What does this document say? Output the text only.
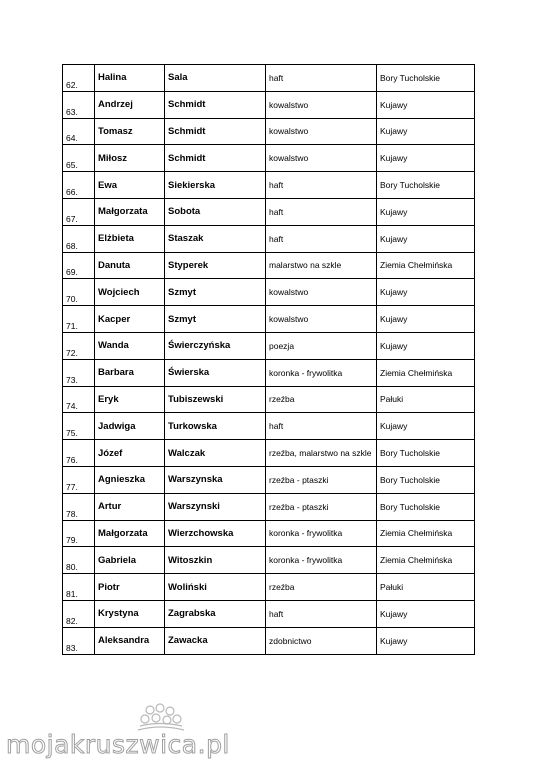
62.	Halina	Sala	haft	Bory Tucholskie
63.	Andrzej	Schmidt	kowalstwo	Kujawy
64.	Tomasz	Schmidt	kowalstwo	Kujawy
65.	Miłosz	Schmidt	kowalstwo	Kujawy
66.	Ewa	Siekierska	haft	Bory Tucholskie
67.	Małgorzata	Sobota	haft	Kujawy
68.	Elżbieta	Staszak	haft	Kujawy
69.	Danuta	Styperek	malarstwo na szkle	Ziemia Chełmińska
70.	Wojciech	Szmyt	kowalstwo	Kujawy
71.	Kacper	Szmyt	kowalstwo	Kujawy
72.	Wanda	Świerczyńska	poezja	Kujawy
73.	Barbara	Świerska	koronka - frywolitka	Ziemia Chełmińska
74.	Eryk	Tubiszewski	rzeźba	Pałuki
75.	Jadwiga	Turkowska	haft	Kujawy
76.	Józef	Walczak	rzeźba, malarstwo na szkle	Bory Tucholskie
77.	Agnieszka	Warszynska	rzeźba - ptaszki	Bory Tucholskie
78.	Artur	Warszynski	rzeźba - ptaszki	Bory Tucholskie
79.	Małgorzata	Wierzchowska	koronka - frywolitka	Ziemia Chełmińska
80.	Gabriela	Witoszkin	koronka - frywolitka	Ziemia Chełmińska
81.	Piotr	Woliński	rzeźba	Pałuki
82.	Krystyna	Zagrabska	haft	Kujawy
83.	Aleksandra	Zawacka	zdobnictwo	Kujawy
mojakruszwica.pl
